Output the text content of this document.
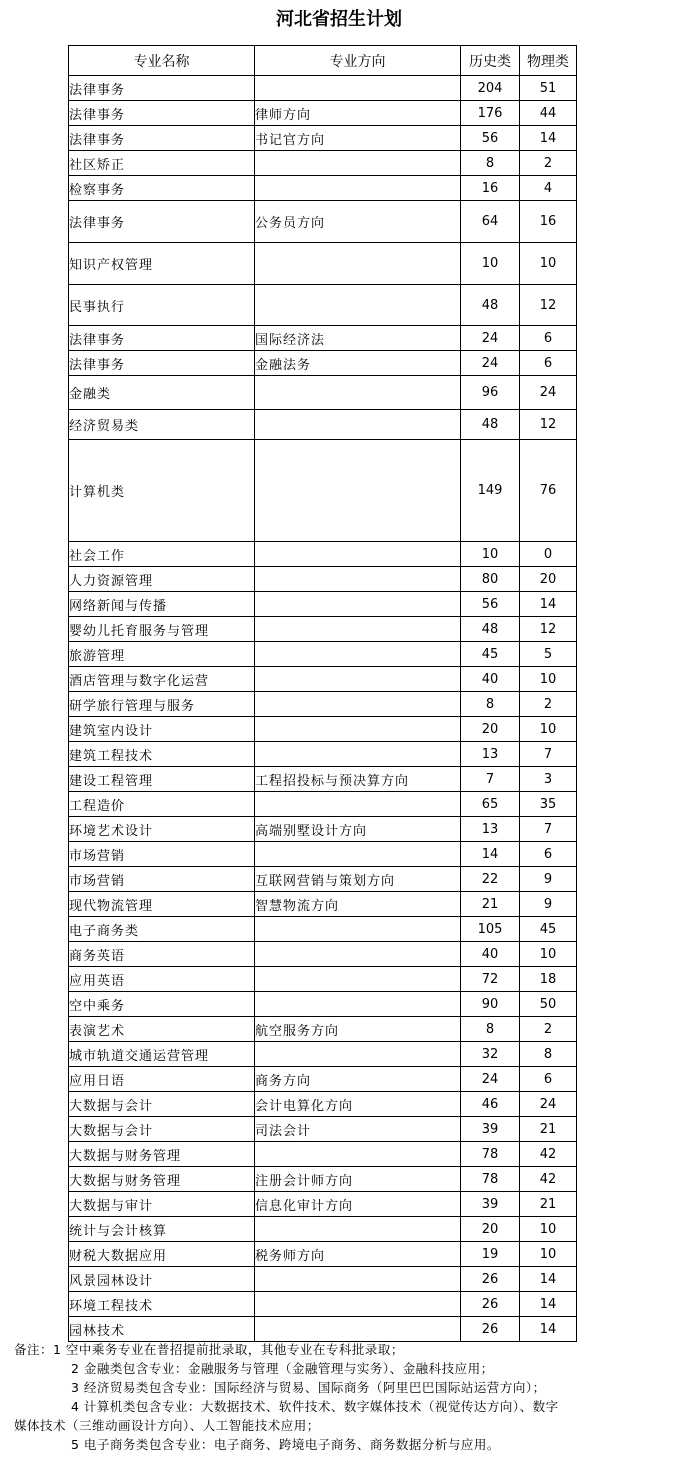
河北省招生计划
专业名称	专业方向	历史类	物理类
法律事务		204	51
法律事务	律师方向	176	44
法律事务	书记官方向	56	14
社区矫正		8	2
检察事务		16	4
法律事务	公务员方向	64	16
知识产权管理		10	10
民事执行		48	12
法律事务	国际经济法	24	6
法律事务	金融法务	24	6
金融类		96	24
经济贸易类		48	12
计算机类		149	76
社会工作		10	0
人力资源管理		80	20
网络新闻与传播		56	14
婴幼儿托育服务与管理		48	12
旅游管理		45	5
酒店管理与数字化运营		40	10
研学旅行管理与服务		8	2
建筑室内设计		20	10
建筑工程技术		13	7
建设工程管理	工程招投标与预决算方向	7	3
工程造价		65	35
环境艺术设计	高端别墅设计方向	13	7
市场营销		14	6
市场营销	互联网营销与策划方向	22	9
现代物流管理	智慧物流方向	21	9
电子商务类		105	45
商务英语		40	10
应用英语		72	18
空中乘务		90	50
表演艺术	航空服务方向	8	2
城市轨道交通运营管理		32	8
应用日语	商务方向	24	6
大数据与会计	会计电算化方向	46	24
大数据与会计	司法会计	39	21
大数据与财务管理		78	42
大数据与财务管理	注册会计师方向	78	42
大数据与审计	信息化审计方向	39	21
统计与会计核算		20	10
财税大数据应用	税务师方向	19	10
风景园林设计		26	14
环境工程技术		26	14
园林技术		26	14
备注：1 空中乘务专业在普招提前批录取，其他专业在专科批录取；
2 金融类包含专业：金融服务与管理（金融管理与实务）、金融科技应用；
3 经济贸易类包含专业：国际经济与贸易、国际商务（阿里巴巴国际站运营方向）；
4 计算机类包含专业：大数据技术、软件技术、数字媒体技术（视觉传达方向）、数字
媒体技术（三维动画设计方向）、人工智能技术应用；
5 电子商务类包含专业：电子商务、跨境电子商务、商务数据分析与应用。
